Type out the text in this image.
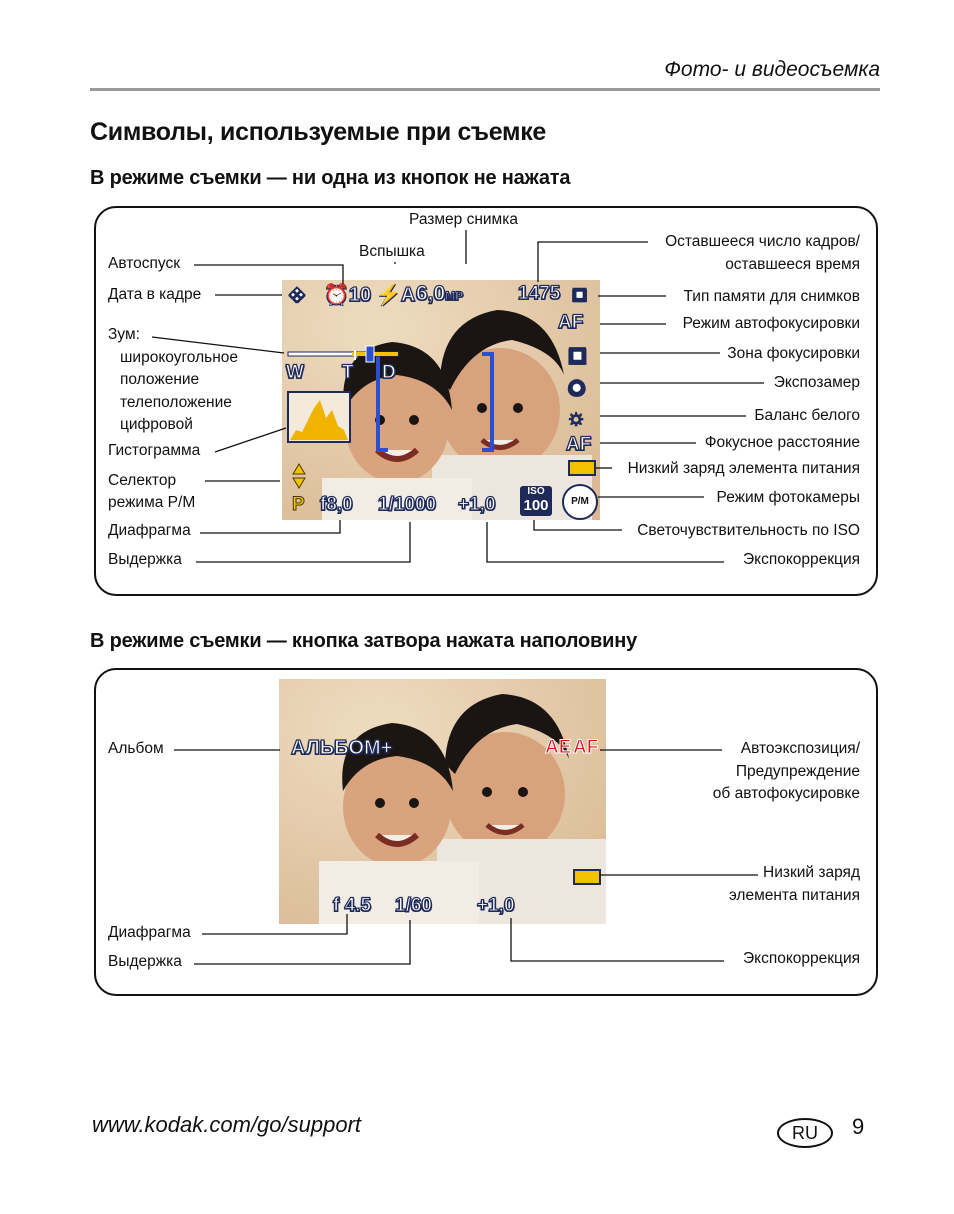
Фото- и видеосъемка
Символы, используемые при съемке
В режиме съемки — ни одна из кнопок не нажата
❖ ⏰10 ⚡A 6,0MP	1475 ▣
AF
▣
◉
☼
AF
W T D
P f8,0 1/1000 +1,0
ISO
100	P/M
Размер снимка
Вспышка
Автоспуск
Дата в кадре
Зум:
широкоугольное
положение
телеположение
цифровой
Гистограмма
Селектор
режима P/M
Диафрагма
Выдержка
Оставшееся число кадров/
оставшееся время
Тип памяти для снимков
Режим автофокусировки
Зона фокусировки
Экспозамер
Баланс белого
Фокусное расстояние
Низкий заряд элемента питания
Режим фотокамеры
Светочувствительность по ISO
Экспокоррекция
В режиме съемки — кнопка затвора нажата наполовину
АЛЬБОМ+	AE AF
f 4.5 1/60 +1,0
Альбом
Диафрагма
Выдержка
Автоэкспозиция/
Предупреждение
об автофокусировке
Низкий заряд
элемента питания
Экспокоррекция
www.kodak.com/go/support	RU	9
